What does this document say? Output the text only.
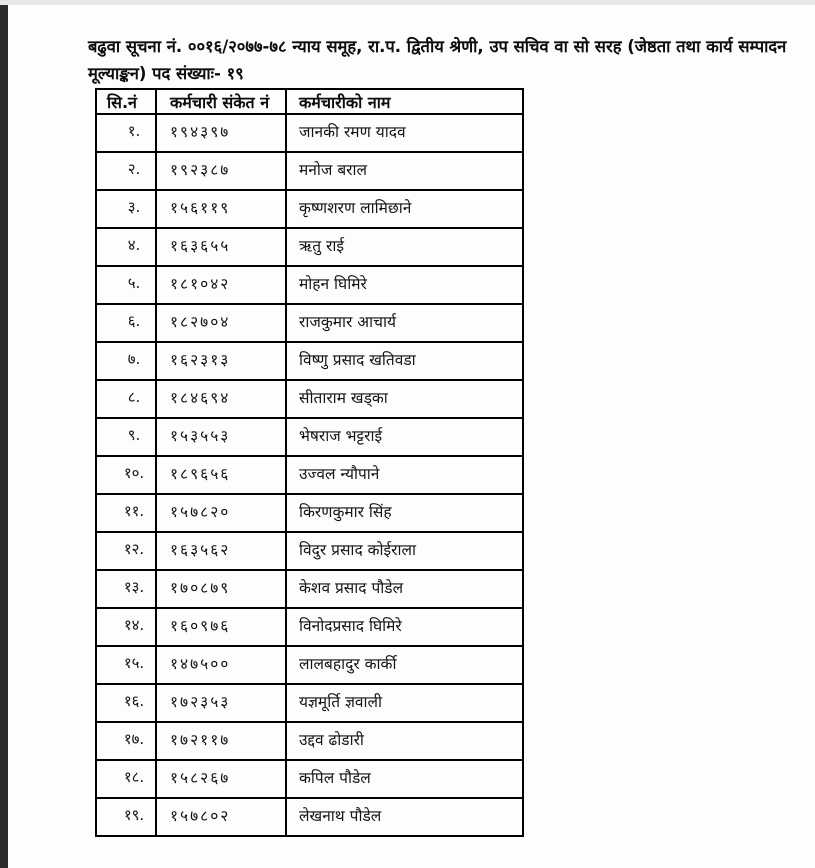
बढुवा सूचना नं. ००१६/२०७७-७८ न्याय समूह, रा.प. द्वितीय श्रेणी, उप सचिव वा सो सरह (जेष्ठता तथा कार्य सम्पादन
मूल्याङ्कन) पद संख्याः- १९
सि.नं	कर्मचारी संकेत नं	कर्मचारीको नाम
१.	१९४३९७	जानकी रमण यादव
२.	१९२३८७	मनोज बराल
३.	१५६११९	कृष्णशरण लामिछाने
४.	१६३६५५	ऋतु राई
५.	१८१०४२	मोहन घिमिरे
६.	१८२७०४	राजकुमार आचार्य
७.	१६२३१३	विष्णु प्रसाद खतिवडा
८.	१८४६९४	सीताराम खड्का
९.	१५३५५३	भेषराज भट्टराई
१०.	१८९६५६	उज्वल न्यौपाने
११.	१५७८२०	किरणकुमार सिंह
१२.	१६३५६२	विदुर प्रसाद कोईराला
१३.	१७०८७९	केशव प्रसाद पौडेल
१४.	१६०९७६	विनोदप्रसाद घिमिरे
१५.	१४७५००	लालबहादुर कार्की
१६.	१७२३५३	यज्ञमूर्ति ज्ञवाली
१७.	१७२११७	उद्दव ढोडारी
१८.	१५८२६७	कपिल पौडेल
१९.	१५७८०२	लेखनाथ पौडेल
